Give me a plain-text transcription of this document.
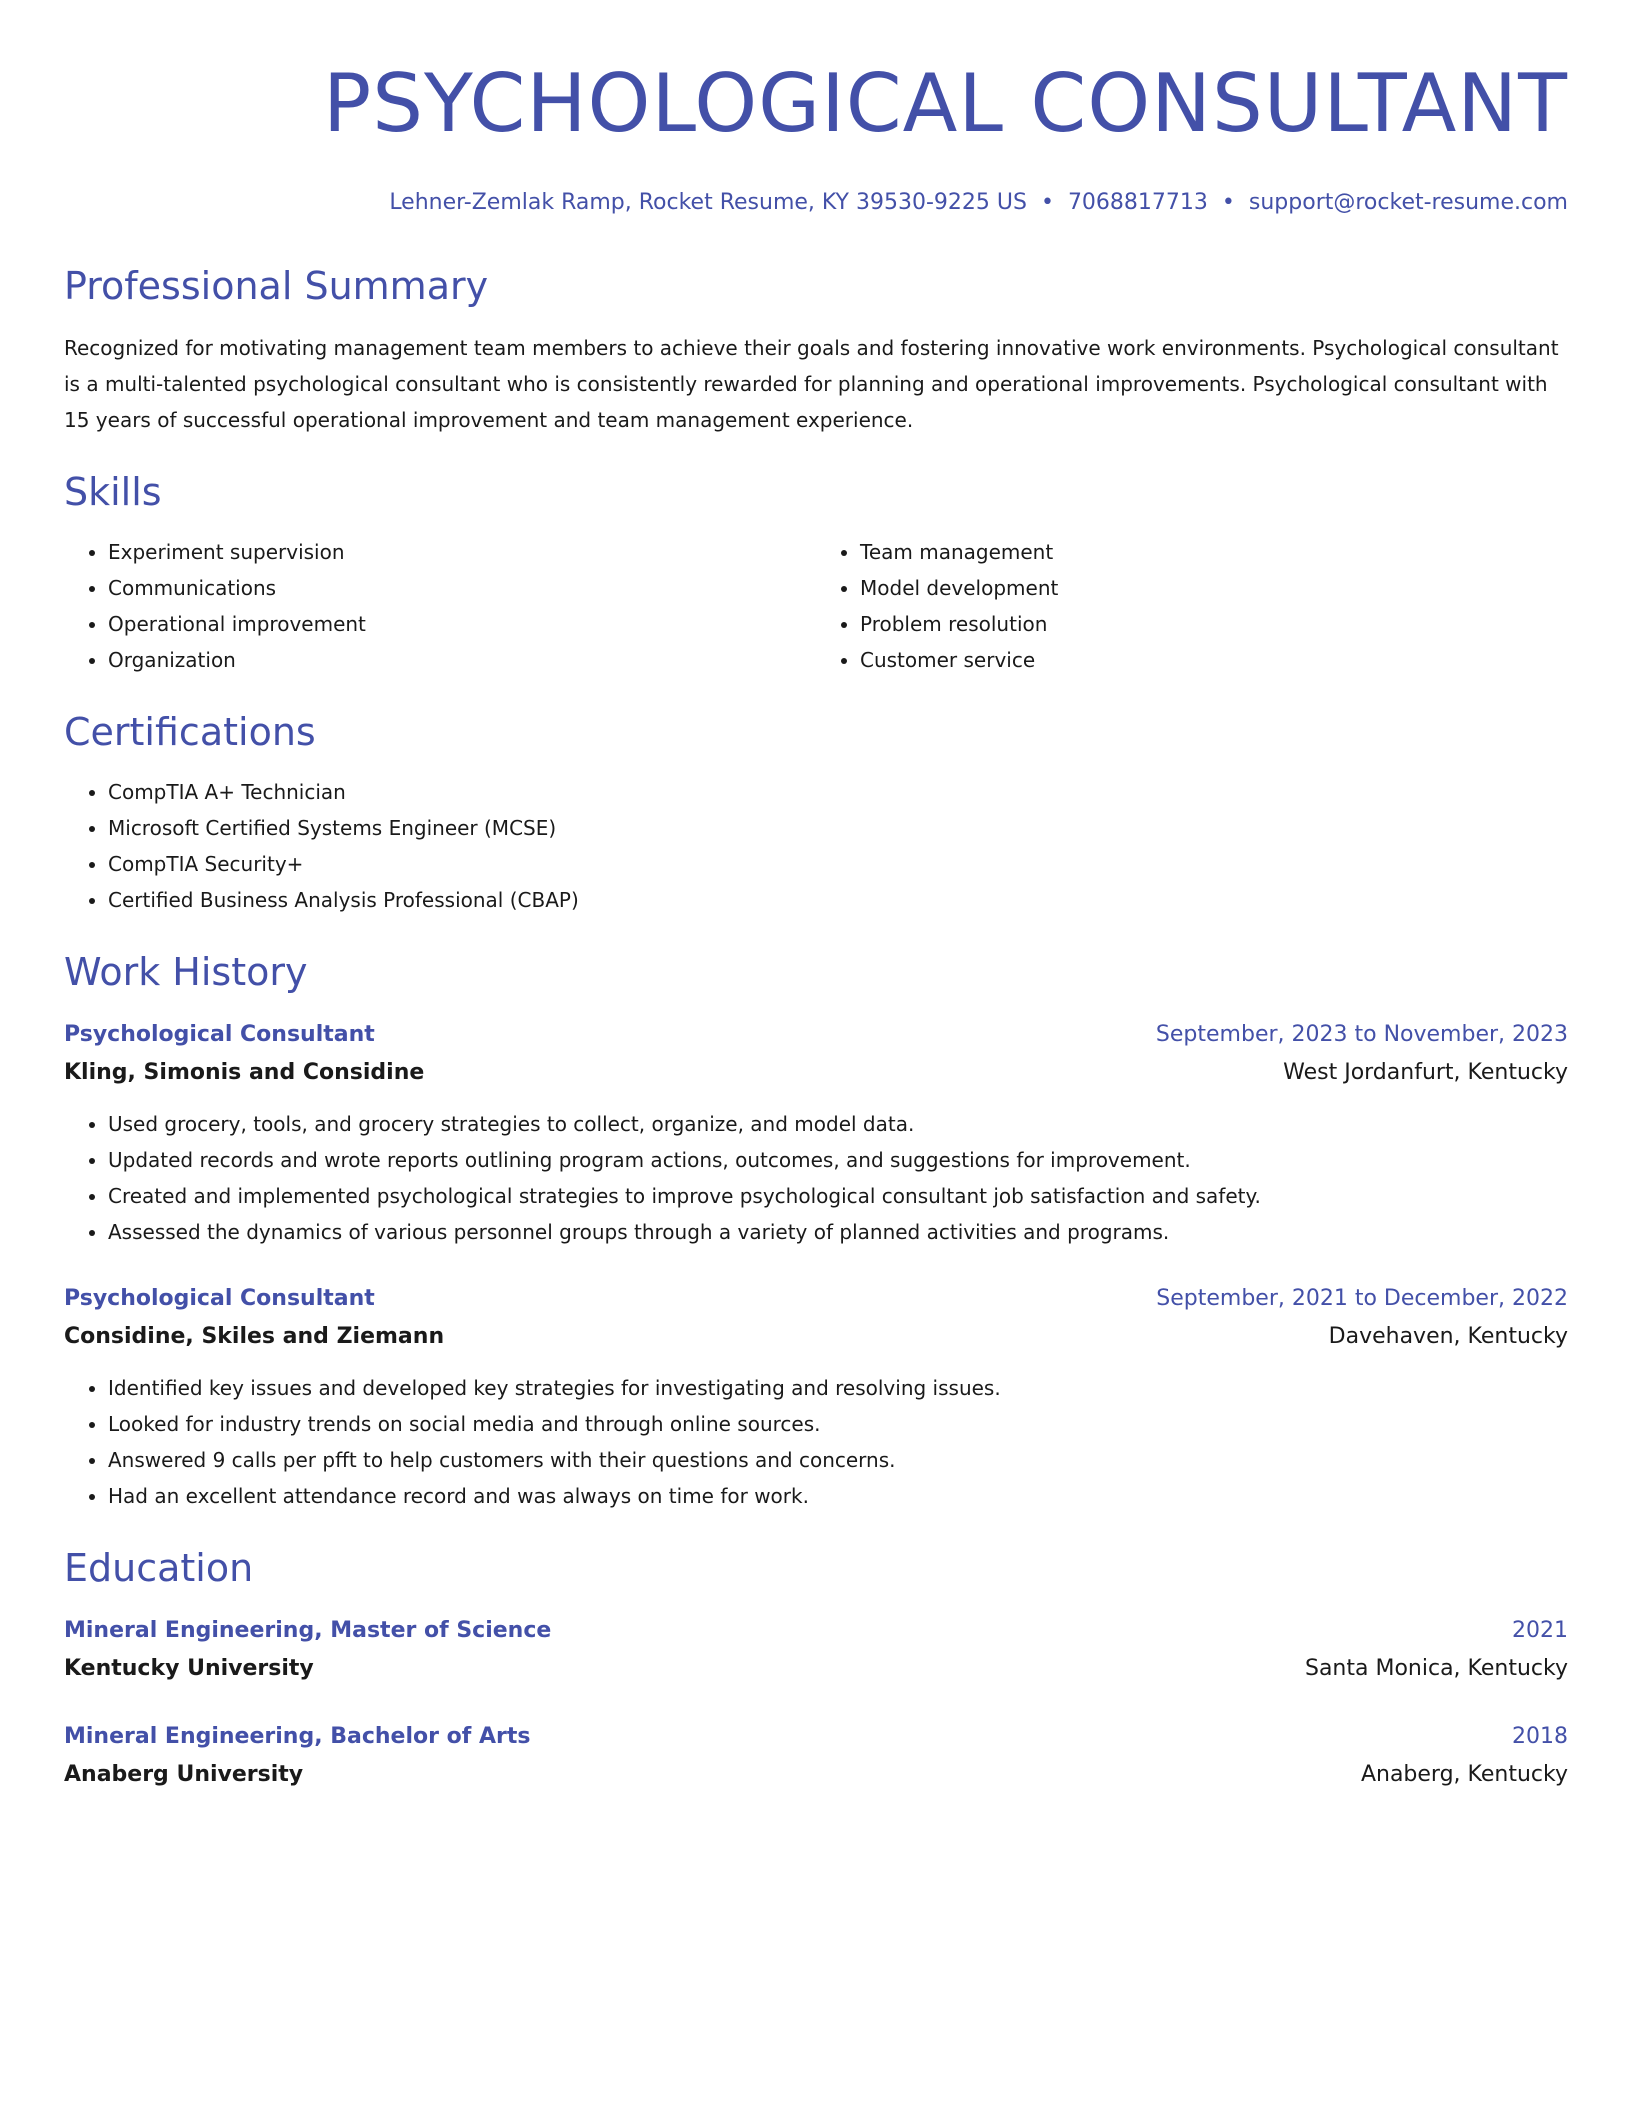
PSYCHOLOGICAL CONSULTANT
Lehner-Zemlak Ramp, Rocket Resume, KY 39530-9225 US • 7068817713 • support@rocket-resume.com
Professional Summary

Recognized for motivating management team members to achieve their goals and fostering innovative work environments. Psychological consultant is a multi-talented psychological consultant who is consistently rewarded for planning and operational improvements. Psychological consultant with 15 years of successful operational improvement and team management experience.

Skills
• Experiment supervision
• Communications
• Operational improvement
• Organization
• Team management
• Model development
• Problem resolution
• Customer service
Certifications
• CompTIA A+ Technician
• Microsoft Certified Systems Engineer (MCSE)
• CompTIA Security+
• Certified Business Analysis Professional (CBAP)
Work History
Psychological Consultant	September, 2023 to November, 2023
Kling, Simonis and Considine	West Jordanfurt, Kentucky
• Used grocery, tools, and grocery strategies to collect, organize, and model data.
• Updated records and wrote reports outlining program actions, outcomes, and suggestions for improvement.
• Created and implemented psychological strategies to improve psychological consultant job satisfaction and safety.
• Assessed the dynamics of various personnel groups through a variety of planned activities and programs.
Psychological Consultant	September, 2021 to December, 2022
Considine, Skiles and Ziemann	Davehaven, Kentucky
• Identified key issues and developed key strategies for investigating and resolving issues.
• Looked for industry trends on social media and through online sources.
• Answered 9 calls per pfft to help customers with their questions and concerns.
• Had an excellent attendance record and was always on time for work.
Education
Mineral Engineering, Master of Science	2021
Kentucky University	Santa Monica, Kentucky
Mineral Engineering, Bachelor of Arts	2018
Anaberg University	Anaberg, Kentucky
